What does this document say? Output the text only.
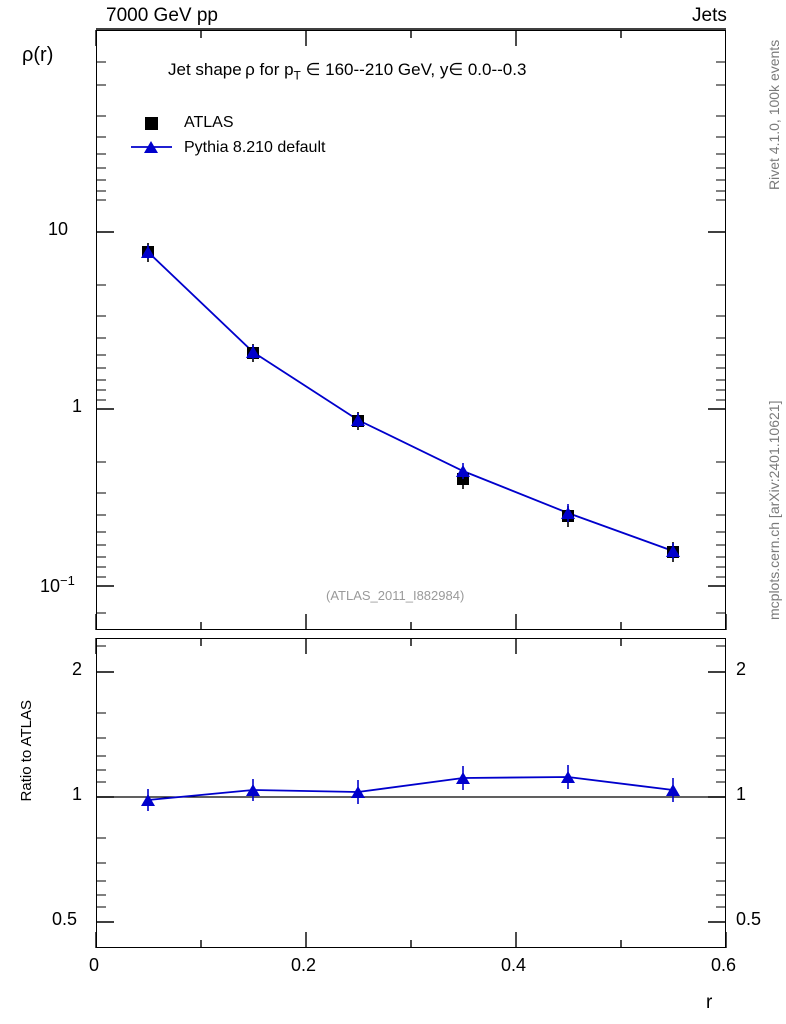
7000 GeV pp	Jets
10
1
$10^{-1}$
2
1
0.5
2
1
0.5
0	0.2	0.4	0.6
ρ(r)
Ratio to ATLAS
r
Jet shape ρ for $p_T$ ∈ 160--210 GeV, y∈ 0.0--0.3
(ATLAS_2011_I882984)
ATLAS
Pythia 8.210 default	Rivet 4.1.0, 100k events
mcplots.cern.ch [arXiv:2401.10621]
